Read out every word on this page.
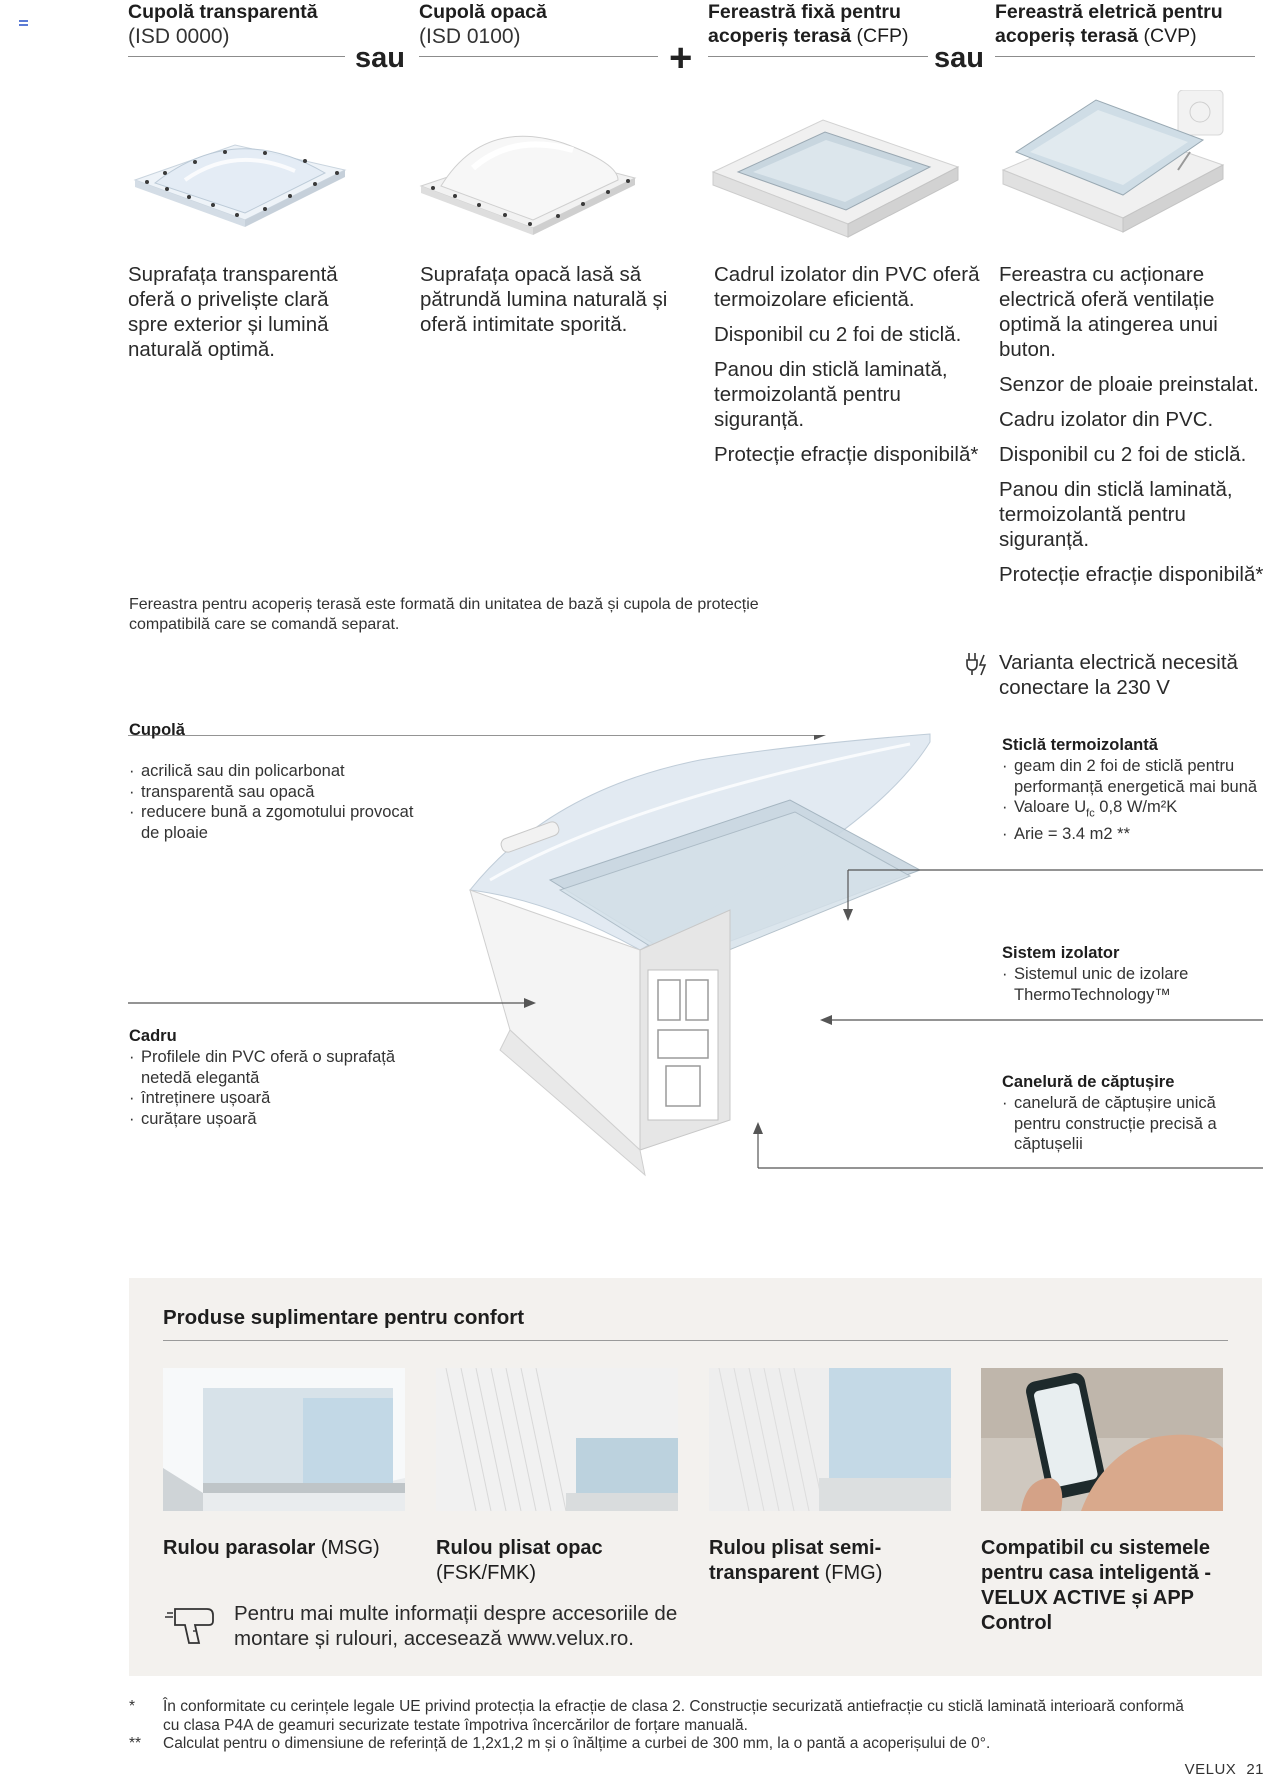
Cupolă transparentă
(ISD 0000)
sau
Cupolă opacă
(ISD 0100)	+
Fereastră fixă pentru
acoperiș terasă (CFP)
sau
Fereastră eletrică pentru
acoperiș terasă (CVP)

Suprafața transparentă oferă o priveliște clară spre exterior și lumină naturală optimă.

Suprafața opacă lasă să pătrundă lumina naturală și oferă intimitate sporită.

Cadrul izolator din PVC oferă termoizolare eficientă.

Disponibil cu 2 foi de sticlă.

Panou din sticlă laminată, termoizolantă pentru siguranță.

Protecție efracție disponibilă*

Fereastra cu acționare electrică oferă ventilație optimă la atingerea unui buton.

Senzor de ploaie preinstalat.

Cadru izolator din PVC.

Disponibil cu 2 foi de sticlă.

Panou din sticlă laminată, termoizolantă pentru siguranță.

Protecție efracție disponibilă*

Varianta electrică necesită conectare la 230 V
Fereastra pentru acoperiș terasă este formată din unitatea de bază și cupola de protecție compatibilă care se comandă separat.
Cupolă
· acrilică sau din policarbonat
· transparentă sau opacă
· reducere bună a zgomotului provocat de ploaie
Cadru
· Profilele din PVC oferă o suprafață netedă elegantă
· întreținere ușoară
· curățare ușoară
Sticlă termoizolantă
· geam din 2 foi de sticlă pentru performanță energetică mai bună
· Valoare $U_{fc}$ 0,8 W/m²K
· Arie = 3.4 m2 **
Sistem izolator
· Sistemul unic de izolare ThermoTechnology™
Canelură de căptușire
· canelură de căptușire unică pentru construcție precisă a căptușelii
Produse suplimentare pentru confort
Rulou parasolar (MSG)	Rulou plisat opac
(FSK/FMK)
Rulou plisat semi-
transparent (FMG)
Compatibil cu sistemele pentru casa inteligentă - VELUX ACTIVE și APP Control
Pentru mai multe informații despre accesoriile de montare și rulouri, accesează www.velux.ro.
* În conformitate cu cerințele legale UE privind protecția la efracție de clasa 2. Construcție securizată antiefracție cu sticlă laminată interioară conformă cu clasa P4A de geamuri securizate testate împotriva încercărilor de forțare manuală.
** Calculat pentru o dimensiune de referință de 1,2x1,2 m și o înălțime a curbei de 300 mm, la o pantă a acoperișului de 0°.
VELUX 21
